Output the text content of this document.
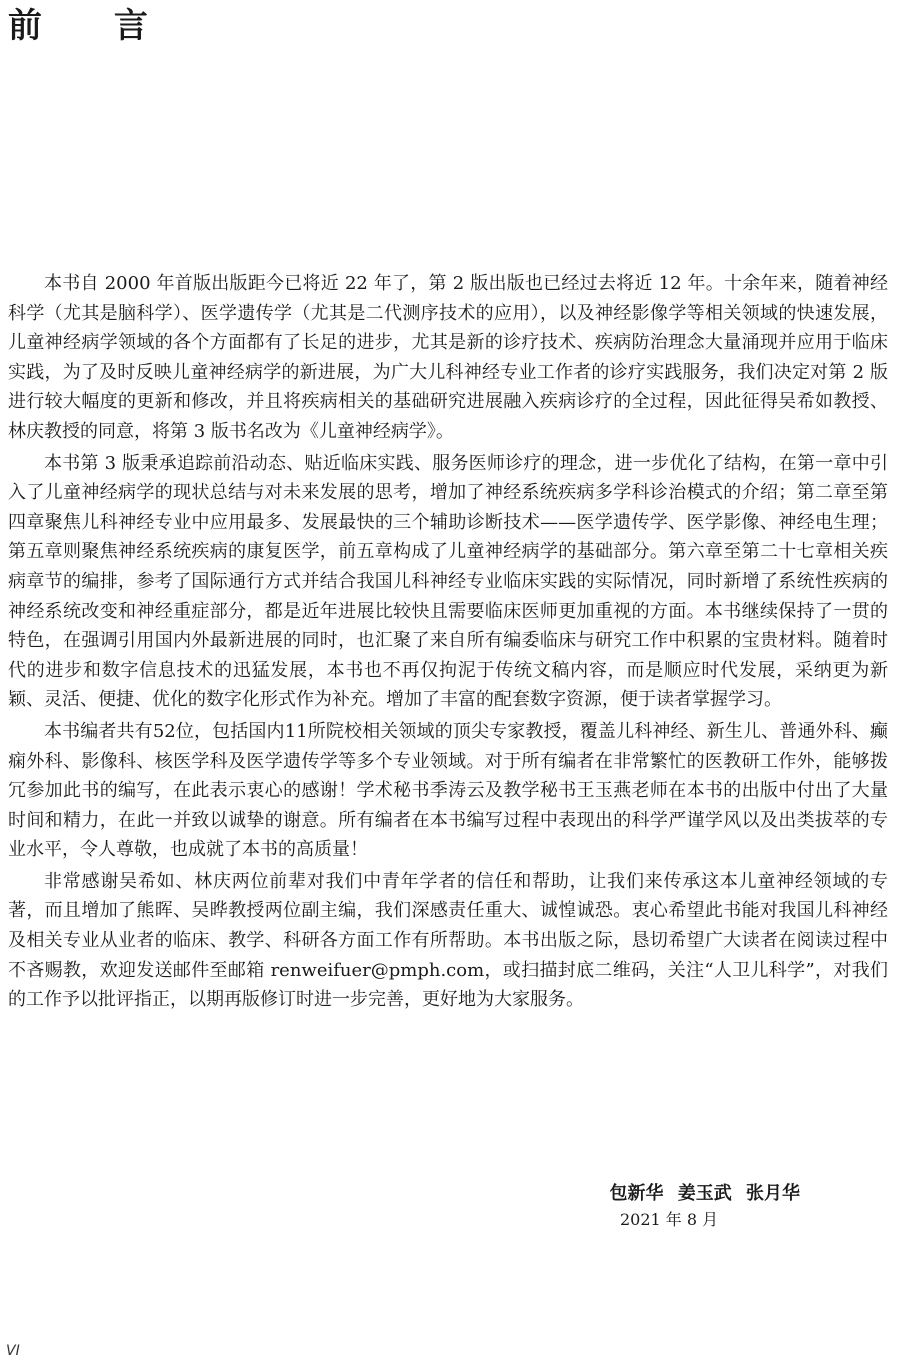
前 言

本书自 2000 年首版出版距今已将近 22 年了，第 2 版出版也已经过去将近 12 年。十余年来，随着神经科学（尤其是脑科学）、医学遗传学（尤其是二代测序技术的应用），以及神经影像学等相关领域的快速发展，儿童神经病学领域的各个方面都有了长足的进步，尤其是新的诊疗技术、疾病防治理念大量涌现并应用于临床实践，为了及时反映儿童神经病学的新进展，为广大儿科神经专业工作者的诊疗实践服务，我们决定对第 2 版进行较大幅度的更新和修改，并且将疾病相关的基础研究进展融入疾病诊疗的全过程，因此征得吴希如教授、林庆教授的同意，将第 3 版书名改为《儿童神经病学》。

本书第 3 版秉承追踪前沿动态、贴近临床实践、服务医师诊疗的理念，进一步优化了结构，在第一章中引入了儿童神经病学的现状总结与对未来发展的思考，增加了神经系统疾病多学科诊治模式的介绍；第二章至第四章聚焦儿科神经专业中应用最多、发展最快的三个辅助诊断技术——医学遗传学、医学影像、神经电生理；第五章则聚焦神经系统疾病的康复医学，前五章构成了儿童神经病学的基础部分。第六章至第二十七章相关疾病章节的编排，参考了国际通行方式并结合我国儿科神经专业临床实践的实际情况，同时新增了系统性疾病的神经系统改变和神经重症部分，都是近年进展比较快且需要临床医师更加重视的方面。本书继续保持了一贯的特色，在强调引用国内外最新进展的同时，也汇聚了来自所有编委临床与研究工作中积累的宝贵材料。随着时代的进步和数字信息技术的迅猛发展，本书也不再仅拘泥于传统文稿内容，而是顺应时代发展，采纳更为新颖、灵活、便捷、优化的数字化形式作为补充。增加了丰富的配套数字资源，便于读者掌握学习。

本书编者共有52位，包括国内11所院校相关领域的顶尖专家教授，覆盖儿科神经、新生儿、普通外科、癫痫外科、影像科、核医学科及医学遗传学等多个专业领域。对于所有编者在非常繁忙的医教研工作外，能够拨冗参加此书的编写，在此表示衷心的感谢！学术秘书季涛云及教学秘书王玉燕老师在本书的出版中付出了大量时间和精力，在此一并致以诚挚的谢意。所有编者在本书编写过程中表现出的科学严谨学风以及出类拔萃的专业水平，令人尊敬，也成就了本书的高质量！

非常感谢吴希如、林庆两位前辈对我们中青年学者的信任和帮助，让我们来传承这本儿童神经领域的专著，而且增加了熊晖、吴晔教授两位副主编，我们深感责任重大、诚惶诚恐。衷心希望此书能对我国儿科神经及相关专业从业者的临床、教学、科研各方面工作有所帮助。本书出版之际，恳切希望广大读者在阅读过程中不吝赐教，欢迎发送邮件至邮箱 renweifuer@pmph.com，或扫描封底二维码，关注“人卫儿科学”，对我们的工作予以批评指正，以期再版修订时进一步完善，更好地为大家服务。

包新华 姜玉武 张月华
2021 年 8 月
VI
